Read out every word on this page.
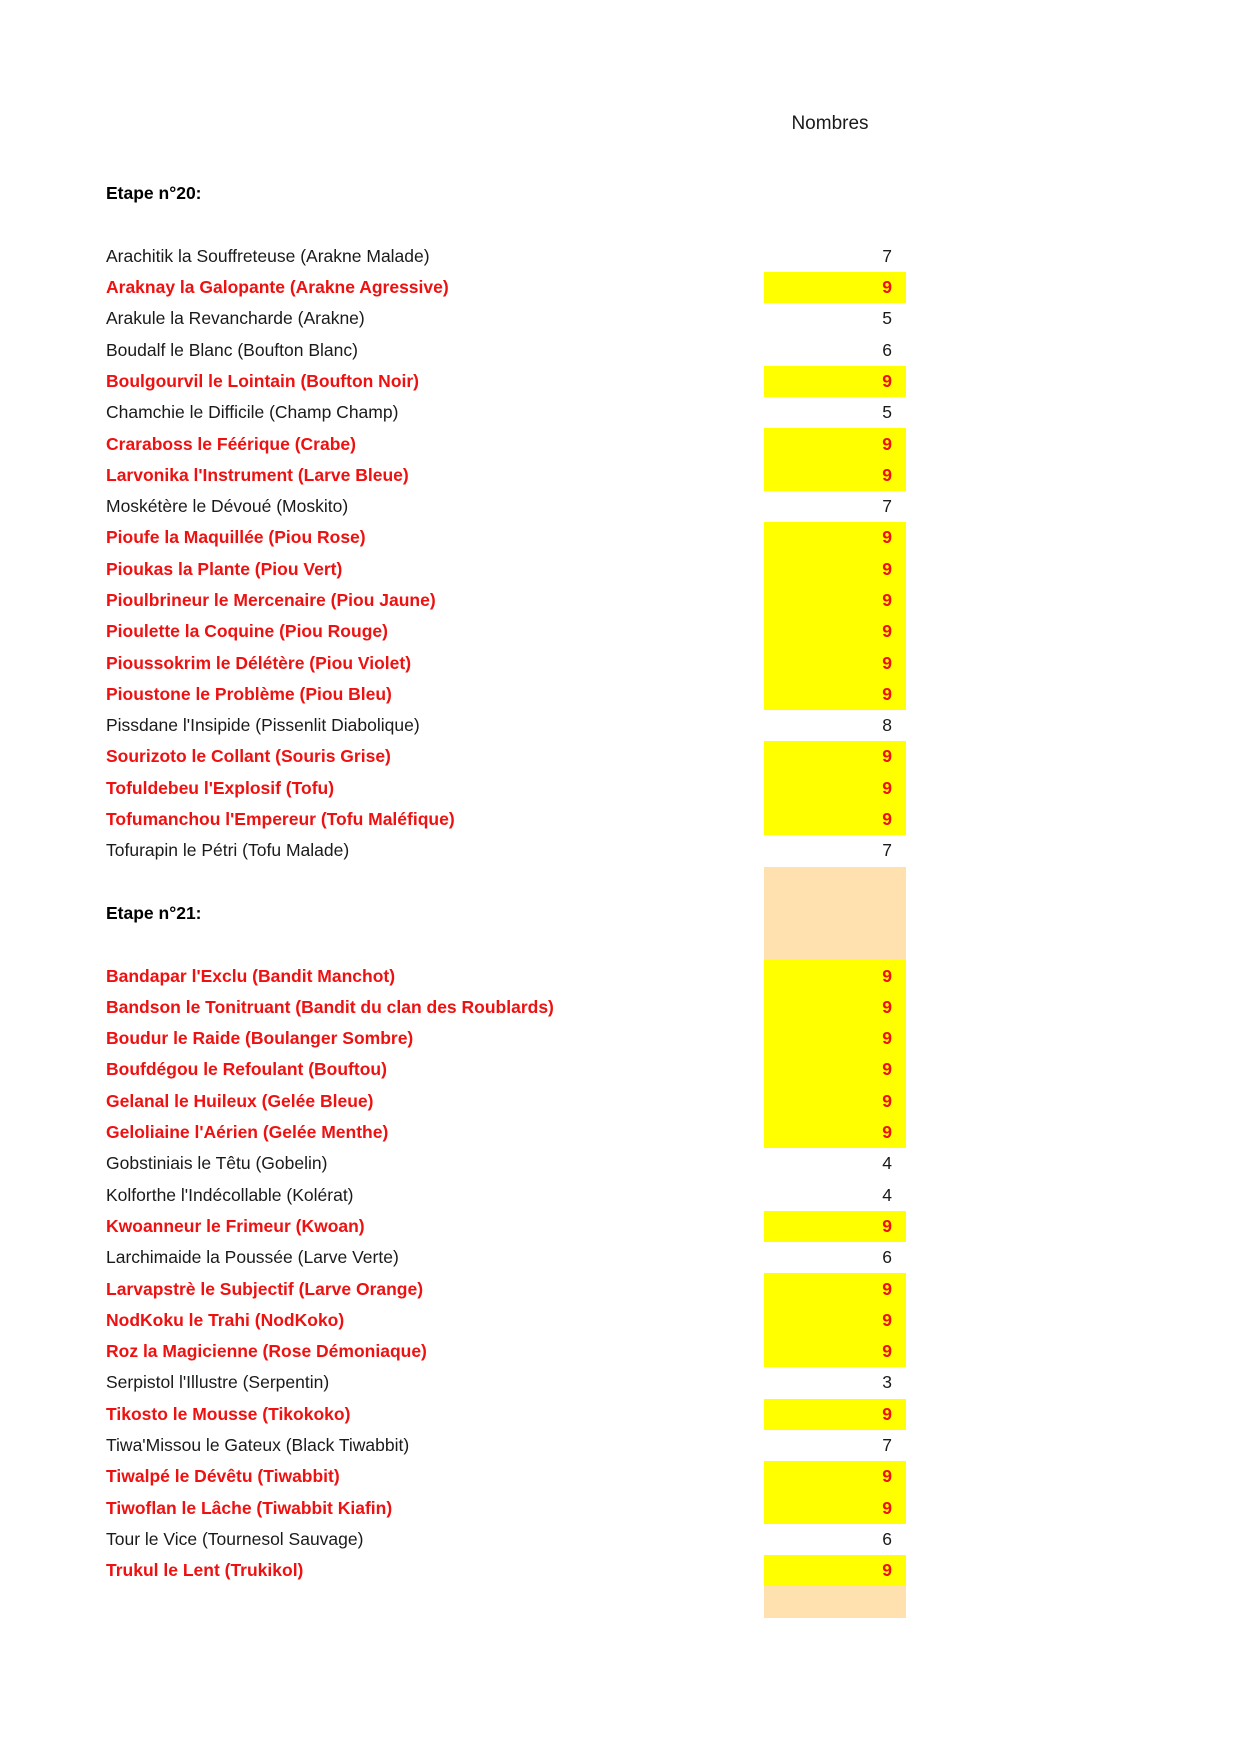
Nombres
Etape n°20:
Arachitik la Souffreteuse (Arakne Malade)	7
Araknay la Galopante (Arakne Agressive)	9
Arakule la Revancharde (Arakne)	5
Boudalf le Blanc (Boufton Blanc)	6
Boulgourvil le Lointain (Boufton Noir)	9
Chamchie le Difficile (Champ Champ)	5
Craraboss le Féérique (Crabe)	9
Larvonika l'Instrument (Larve Bleue)	9
Moskétère le Dévoué (Moskito)	7
Pioufe la Maquillée (Piou Rose)	9
Pioukas la Plante (Piou Vert)	9
Pioulbrineur le Mercenaire (Piou Jaune)	9
Pioulette la Coquine (Piou Rouge)	9
Pioussokrim le Délétère (Piou Violet)	9
Pioustone le Problème (Piou Bleu)	9
Pissdane l'Insipide (Pissenlit Diabolique)	8
Sourizoto le Collant (Souris Grise)	9
Tofuldebeu l'Explosif (Tofu)	9
Tofumanchou l'Empereur (Tofu Maléfique)	9
Tofurapin le Pétri (Tofu Malade)	7
Etape n°21:
Bandapar l'Exclu (Bandit Manchot)	9
Bandson le Tonitruant (Bandit du clan des Roublards)	9
Boudur le Raide (Boulanger Sombre)	9
Boufdégou le Refoulant (Bouftou)	9
Gelanal le Huileux (Gelée Bleue)	9
Geloliaine l'Aérien (Gelée Menthe)	9
Gobstiniais le Têtu (Gobelin)	4
Kolforthe l'Indécollable (Kolérat)	4
Kwoanneur le Frimeur (Kwoan)	9
Larchimaide la Poussée (Larve Verte)	6
Larvapstrè le Subjectif (Larve Orange)	9
NodKoku le Trahi (NodKoko)	9
Roz la Magicienne (Rose Démoniaque)	9
Serpistol l'Illustre (Serpentin)	3
Tikosto le Mousse (Tikokoko)	9
Tiwa'Missou le Gateux (Black Tiwabbit)	7
Tiwalpé le Dévêtu (Tiwabbit)	9
Tiwoflan le Lâche (Tiwabbit Kiafin)	9
Tour le Vice (Tournesol Sauvage)	6
Trukul le Lent (Trukikol)	9
